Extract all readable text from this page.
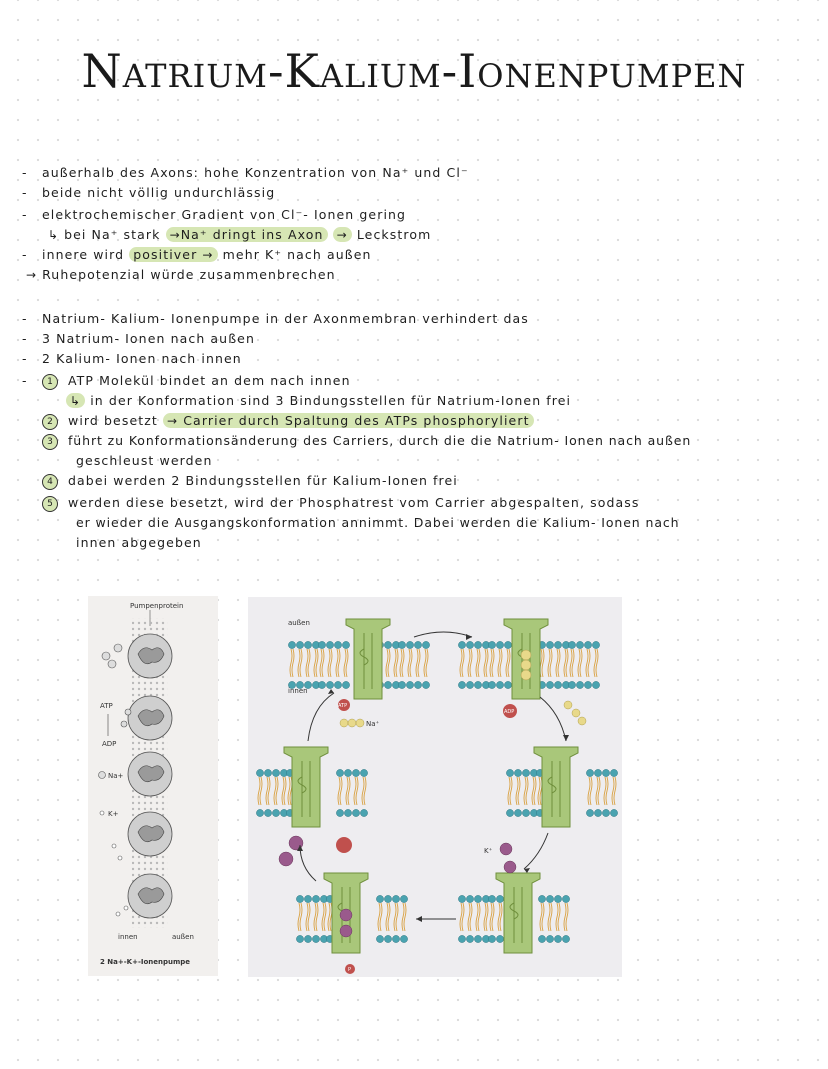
Natrium-Kalium-Ionenpumpen
- außerhalb des Axons: hohe Konzentration von Na⁺ und Cl⁻
- beide nicht völlig undurchlässig
- elektrochemischer Gradient von Cl⁻- Ionen gering
↳ bei Na⁺ stark →Na⁺ dringt ins Axon → Leckstrom
- innere wird positiver → mehr K⁺ nach außen
→ Ruhepotenzial würde zusammenbrechen
- Natrium- Kalium- Ionenpumpe in der Axonmembran verhindert das
- 3 Natrium- Ionen nach außen
- 2 Kalium- Ionen nach innen
- 1 ATP Molekül bindet an dem nach innen
↳ in der Konformation sind 3 Bindungsstellen für Natrium-Ionen frei
2 wird besetzt → Carrier durch Spaltung des ATPs phosphoryliert
3 führt zu Konformationsänderung des Carriers, durch die die Natrium- Ionen nach außen
geschleust werden
4 dabei werden 2 Bindungsstellen für Kalium-Ionen frei
5 werden diese besetzt, wird der Phosphatrest vom Carrier abgespalten, sodass
er wieder die Ausgangskonformation annimmt. Dabei werden die Kalium- Ionen nach
innen abgegeben
Pumpenprotein
ATP
ADP
Na+
K+
innen	außen
2 Na+-K+-Ionenpumpe
außen
innen
ATP
Na⁺
ADP
K⁺
P
